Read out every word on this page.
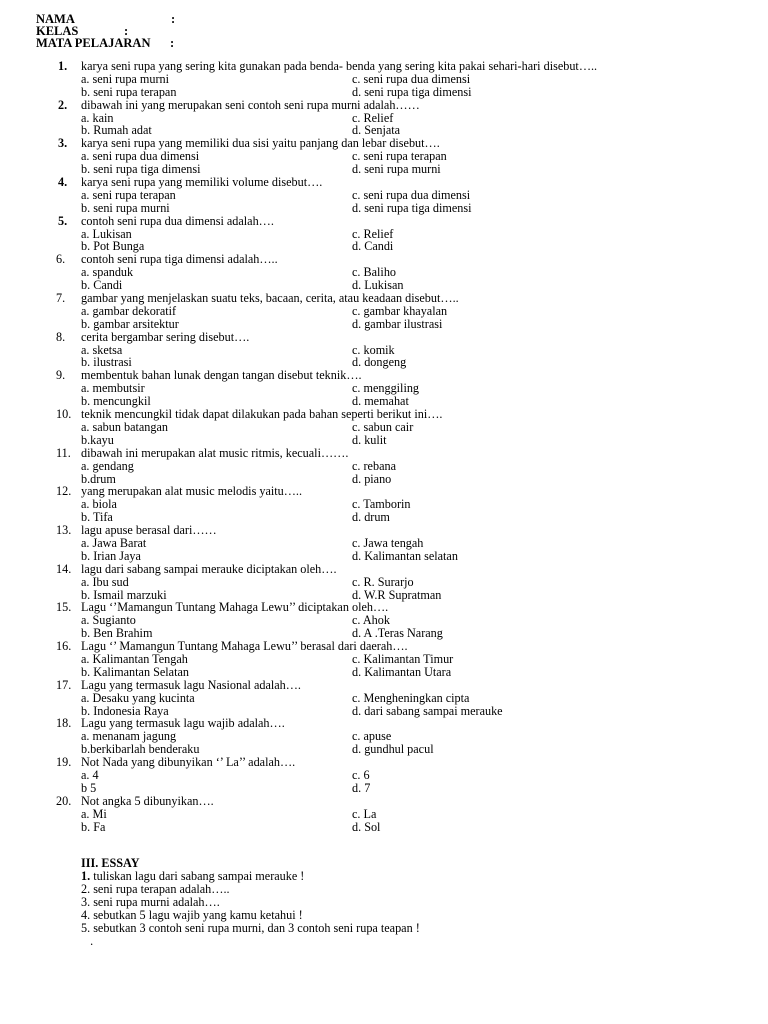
NAMA	:
KELAS	:
MATA PELAJARAN :
1.	karya seni rupa yang sering kita gunakan pada benda- benda yang sering kita pakai sehari-hari disebut…..
a. seni rupa murni	c. seni rupa dua dimensi
b. seni rupa terapan	d. seni rupa tiga dimensi
2.	dibawah ini yang merupakan seni contoh seni rupa murni adalah……
a. kain	c. Relief
b. Rumah adat	d. Senjata
3.	karya seni rupa yang memiliki dua sisi yaitu panjang dan lebar disebut….
a. seni rupa dua dimensi	c. seni rupa terapan
b. seni rupa tiga dimensi	d. seni rupa murni
4.	karya seni rupa yang memiliki volume disebut….
a. seni rupa terapan	c. seni rupa dua dimensi
b. seni rupa murni	d. seni rupa tiga dimensi
5.	contoh seni rupa dua dimensi adalah….
a. Lukisan	c. Relief
b. Pot Bunga	d. Candi
6.	contoh seni rupa tiga dimensi adalah…..
a. spanduk	c. Baliho
b. Candi	d. Lukisan
7.	gambar yang menjelaskan suatu teks, bacaan, cerita, atau keadaan disebut…..
a. gambar dekoratif	c. gambar khayalan
b. gambar arsitektur	d. gambar ilustrasi
8.	cerita bergambar sering disebut….
a. sketsa	c. komik
b. ilustrasi	d. dongeng
9.	membentuk bahan lunak dengan tangan disebut teknik….
a. membutsir	c. menggiling
b. mencungkil	d. memahat
10. teknik mencungkil tidak dapat dilakukan pada bahan seperti berikut ini….
a. sabun batangan	c. sabun cair
b.kayu	d. kulit
11. dibawah ini merupakan alat music ritmis, kecuali…….
a. gendang	c. rebana
b.drum	d. piano
12. yang merupakan alat music melodis yaitu…..
a. biola	c. Tamborin
b. Tifa	d. drum
13. lagu apuse berasal dari……
a. Jawa Barat	c. Jawa tengah
b. Irian Jaya	d. Kalimantan selatan
14. lagu dari sabang sampai merauke diciptakan oleh….
a. Ibu sud	c. R. Surarjo
b. Ismail marzuki	d. W.R Supratman
15. Lagu ‘’Mamangun Tuntang Mahaga Lewu’’ diciptakan oleh….
a. Sugianto	c. Ahok
b. Ben Brahim	d. A .Teras Narang
16. Lagu ‘’ Mamangun Tuntang Mahaga Lewu’’ berasal dari daerah….
a. Kalimantan Tengah	c. Kalimantan Timur
b. Kalimantan Selatan	d. Kalimantan Utara
17. Lagu yang termasuk lagu Nasional adalah….
a. Desaku yang kucinta	c. Mengheningkan cipta
b. Indonesia Raya	d. dari sabang sampai merauke
18. Lagu yang termasuk lagu wajib adalah….
a. menanam jagung	c. apuse
b.berkibarlah benderaku	d. gundhul pacul
19. Not Nada yang dibunyikan ‘’ La’’ adalah….
a. 4	c. 6
b 5	d. 7
20. Not angka 5 dibunyikan….
a. Mi	c. La
b. Fa	d. Sol
III. ESSAY
1. tuliskan lagu dari sabang sampai merauke !
2. seni rupa terapan adalah…..
3. seni rupa murni adalah….
4. sebutkan 5 lagu wajib yang kamu ketahui !
5. sebutkan 3 contoh seni rupa murni, dan 3 contoh seni rupa teapan !
.
